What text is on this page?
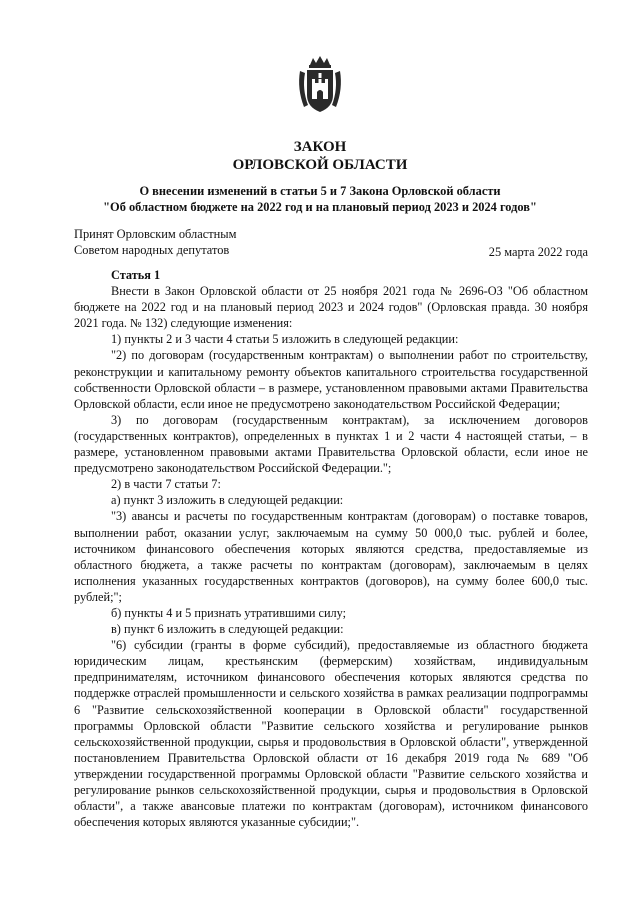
ЗАКОН
ОРЛОВСКОЙ ОБЛАСТИ
О внесении изменений в статьи 5 и 7 Закона Орловской области
"Об областном бюджете на 2022 год и на плановый период 2023 и 2024 годов"
Принят Орловским областным
Советом народных депутатов	25 марта 2022 года

Статья 1

Внести в Закон Орловской области от 25 ноября 2021 года № 2696-ОЗ "Об областном бюджете на 2022 год и на плановый период 2023 и 2024 годов" (Орловская правда. 30 ноября 2021 года. № 132) следующие изменения:

1) пункты 2 и 3 части 4 статьи 5 изложить в следующей редакции:

"2) по договорам (государственным контрактам) о выполнении работ по строительству, реконструкции и капитальному ремонту объектов капитального строительства государственной собственности Орловской области – в размере, установленном правовыми актами Правительства Орловской области, если иное не предусмотрено законодательством Российской Федерации;

3) по договорам (государственным контрактам), за исключением договоров (государственных контрактов), определенных в пунктах 1 и 2 части 4 настоящей статьи, – в размере, установленном правовыми актами Правительства Орловской области, если иное не предусмотрено законодательством Российской Федерации.";

2) в части 7 статьи 7:

а) пункт 3 изложить в следующей редакции:

"3) авансы и расчеты по государственным контрактам (договорам) о поставке товаров, выполнении работ, оказании услуг, заключаемым на сумму 50 000,0 тыс. рублей и более, источником финансового обеспечения которых являются средства, предоставляемые из областного бюджета, а также расчеты по контрактам (договорам), заключаемым в целях исполнения указанных государственных контрактов (договоров), на сумму более 600,0 тыс. рублей;";

б) пункты 4 и 5 признать утратившими силу;

в) пункт 6 изложить в следующей редакции:

"6) субсидии (гранты в форме субсидий), предоставляемые из областного бюджета юридическим лицам, крестьянским (фермерским) хозяйствам, индивидуальным предпринимателям, источником финансового обеспечения которых являются средства по поддержке отраслей промышленности и сельского хозяйства в рамках реализации подпрограммы 6 "Развитие сельскохозяйственной кооперации в Орловской области" государственной программы Орловской области "Развитие сельского хозяйства и регулирование рынков сельскохозяйственной продукции, сырья и продовольствия в Орловской области", утвержденной постановлением Правительства Орловской области от 16 декабря 2019 года № 689 "Об утверждении государственной программы Орловской области "Развитие сельского хозяйства и регулирование рынков сельскохозяйственной продукции, сырья и продовольствия в Орловской области", а также авансовые платежи по контрактам (договорам), источником финансового обеспечения которых являются указанные субсидии;".
